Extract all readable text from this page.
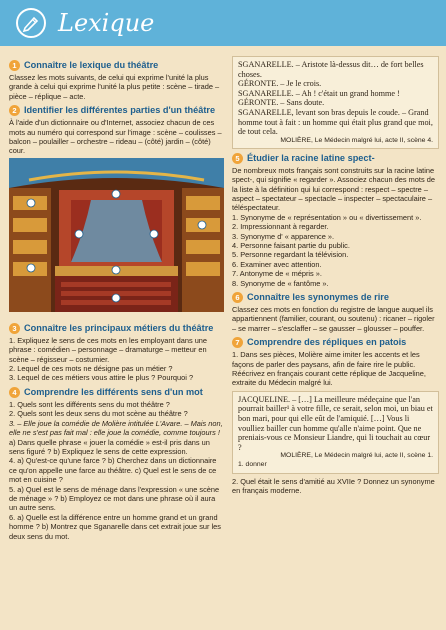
Lexique
1 Connaître le lexique du théâtre
Classez les mots suivants, de celui qui exprime l'unité la plus grande à celui qui exprime l'unité la plus petite : scène – tirade – pièce – réplique – acte.
2 Identifier les différentes parties d'un théâtre
À l'aide d'un dictionnaire ou d'Internet, associez chacun de ces mots au numéro qui correspond sur l'image : scène – coulisses – balcon – poulailler – orchestre – rideau – (côté) jardin – (côté) cour.
3 Connaître les principaux métiers du théâtre
1. Expliquez le sens de ces mots en les employant dans une phrase : comédien – personnage – dramaturge – metteur en scène – régisseur – costumier.
2. Lequel de ces mots ne désigne pas un métier ?
3. Lequel de ces métiers vous attire le plus ? Pourquoi ?
4 Comprendre les différents sens d'un mot
1. Quels sont les différents sens du mot théâtre ?
2. Quels sont les deux sens du mot scène au théâtre ?
3. – Elle joue la comédie de Molière intitulée L'Avare. – Mais non, elle ne s'est pas fait mal : elle joue la comédie, comme toujours !
a) Dans quelle phrase « jouer la comédie » est-il pris dans un sens figuré ? b) Expliquez le sens de cette expression.
4. a) Qu'est-ce qu'une farce ? b) Cherchez dans un dictionnaire ce qu'on appelle une farce au théâtre. c) Quel est le sens de ce mot en cuisine ?
5. a) Quel est le sens de ménage dans l'expression « une scène de ménage » ? b) Employez ce mot dans une phrase où il aura un autre sens.
6. a) Quelle est la différence entre un homme grand et un grand homme ? b) Montrez que Sganarelle dans cet extrait joue sur les deux sens du mot.

SGANARELLE. – Aristote là-dessus dit… de fort belles choses.

GÉRONTE. – Je le crois.

SGANARELLE. – Ah ! c'était un grand homme !

GÉRONTE. – Sans doute.

SGANARELLE, levant son bras depuis le coude. – Grand homme tout à fait : un homme qui était plus grand que moi, de tout cela.

MOLIÈRE, Le Médecin malgré lui, acte II, scène 4.
5 Étudier la racine latine spect-
De nombreux mots français sont construits sur la racine latine spect-, qui signifie « regarder ». Associez chacun des mots de la liste à la définition qui lui correspond : respect – spectre – aspect – spectateur – spectacle – inspecter – spectaculaire – téléspectateur.
1. Synonyme de « représentation » ou « divertissement ».
2. Impressionnant à regarder.
3. Synonyme d' « apparence ».
4. Personne faisant partie du public.
5. Personne regardant la télévision.
6. Examiner avec attention.
7. Antonyme de « mépris ».
8. Synonyme de « fantôme ».
6 Connaître les synonymes de rire
Classez ces mots en fonction du registre de langue auquel ils appartiennent (familier, courant, ou soutenu) : ricaner – rigoler – se marrer – s'esclaffer – se gausser – glousser – pouffer.
7 Comprendre des répliques en patois
1. Dans ses pièces, Molière aime imiter les accents et les façons de parler des paysans, afin de faire rire le public. Réécrivez en français courant cette réplique de Jacqueline, extraite du Médecin malgré lui.

JACQUELINE. – […] La meilleure médeçaine que l'an pourrait bailler¹ à votre fille, ce serait, selon moi, un biau et bon mari, pour qui elle eût de l'amiquié. […] Vous li voulliez bailler cun homme qu'alle n'aime point. Que ne preniais-vous ce Monsieur Liandre, qui li touchait au cœur ?

MOLIÈRE, Le Médecin malgré lui, acte II, scène 1.
1. donner
2. Quel était le sens d'amitié au XVIIe ? Donnez un synonyme en français moderne.
